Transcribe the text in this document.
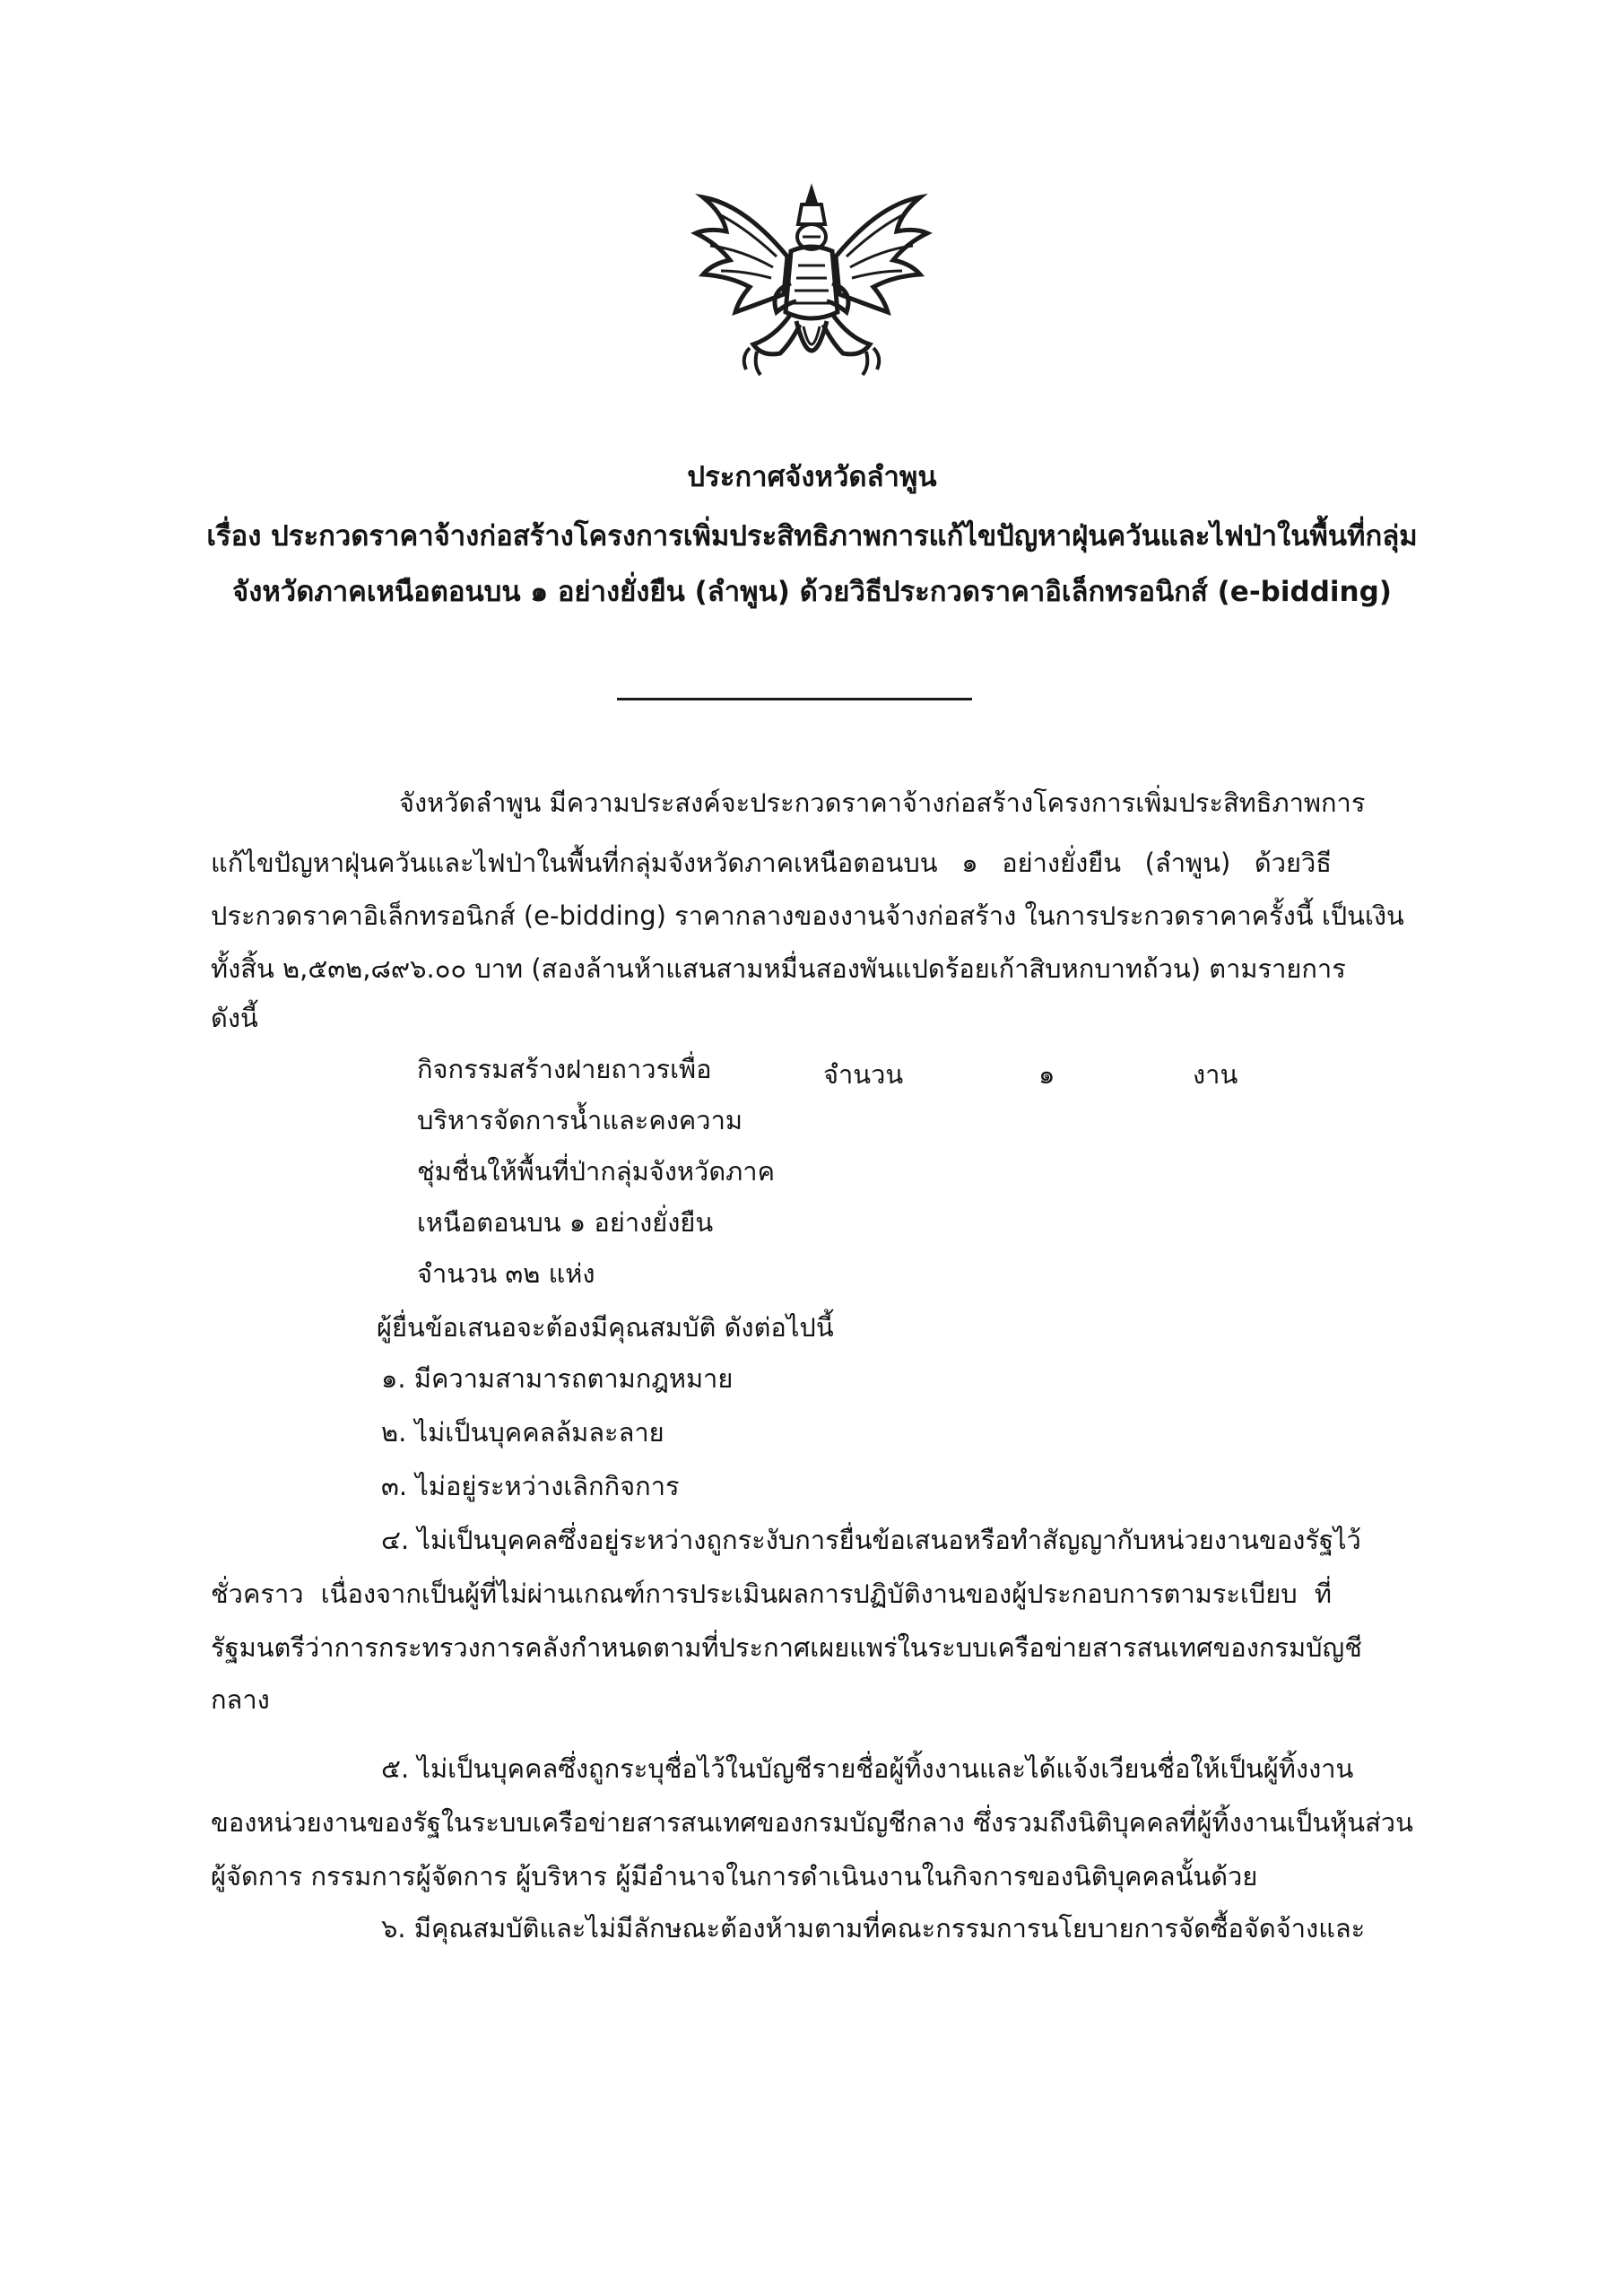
ประกาศจังหวัดลำพูน
เรื่อง ประกวดราคาจ้างก่อสร้างโครงการเพิ่มประสิทธิภาพการแก้ไขปัญหาฝุ่นควันและไฟป่าในพื้นที่กลุ่ม
จังหวัดภาคเหนือตอนบน ๑ อย่างยั่งยืน (ลำพูน) ด้วยวิธีประกวดราคาอิเล็กทรอนิกส์ (e-bidding)
จังหวัดลำพูน มีความประสงค์จะประกวดราคาจ้างก่อสร้างโครงการเพิ่มประสิทธิภาพการ
แก้ไขปัญหาฝุ่นควันและไฟป่าในพื้นที่กลุ่มจังหวัดภาคเหนือตอนบน ๑ อย่างยั่งยืน (ลำพูน) ด้วยวิธี
ประกวดราคาอิเล็กทรอนิกส์ (e-bidding) ราคากลางของงานจ้างก่อสร้าง ในการประกวดราคาครั้งนี้ เป็นเงิน
ทั้งสิ้น ๒,๕๓๒,๘๙๖.๐๐ บาท (สองล้านห้าแสนสามหมื่นสองพันแปดร้อยเก้าสิบหกบาทถ้วน) ตามรายการ
ดังนี้
กิจกรรมสร้างฝายถาวรเพื่อ
บริหารจัดการน้ำและคงความ
ชุ่มชื่นให้พื้นที่ป่ากลุ่มจังหวัดภาค
เหนือตอนบน ๑ อย่างยั่งยืน
จำนวน ๓๒ แห่ง
จำนวน	๑	งาน
ผู้ยื่นข้อเสนอจะต้องมีคุณสมบัติ ดังต่อไปนี้
๑. มีความสามารถตามกฎหมาย
๒. ไม่เป็นบุคคลล้มละลาย
๓. ไม่อยู่ระหว่างเลิกกิจการ
๔. ไม่เป็นบุคคลซึ่งอยู่ระหว่างถูกระงับการยื่นข้อเสนอหรือทำสัญญากับหน่วยงานของรัฐไว้
ชั่วคราว เนื่องจากเป็นผู้ที่ไม่ผ่านเกณฑ์การประเมินผลการปฏิบัติงานของผู้ประกอบการตามระเบียบ ที่
รัฐมนตรีว่าการกระทรวงการคลังกำหนดตามที่ประกาศเผยแพร่ในระบบเครือข่ายสารสนเทศของกรมบัญชี
กลาง
๕. ไม่เป็นบุคคลซึ่งถูกระบุชื่อไว้ในบัญชีรายชื่อผู้ทิ้งงานและได้แจ้งเวียนชื่อให้เป็นผู้ทิ้งงาน
ของหน่วยงานของรัฐในระบบเครือข่ายสารสนเทศของกรมบัญชีกลาง ซึ่งรวมถึงนิติบุคคลที่ผู้ทิ้งงานเป็นหุ้นส่วน
ผู้จัดการ กรรมการผู้จัดการ ผู้บริหาร ผู้มีอำนาจในการดำเนินงานในกิจการของนิติบุคคลนั้นด้วย
๖. มีคุณสมบัติและไม่มีลักษณะต้องห้ามตามที่คณะกรรมการนโยบายการจัดซื้อจัดจ้างและ
